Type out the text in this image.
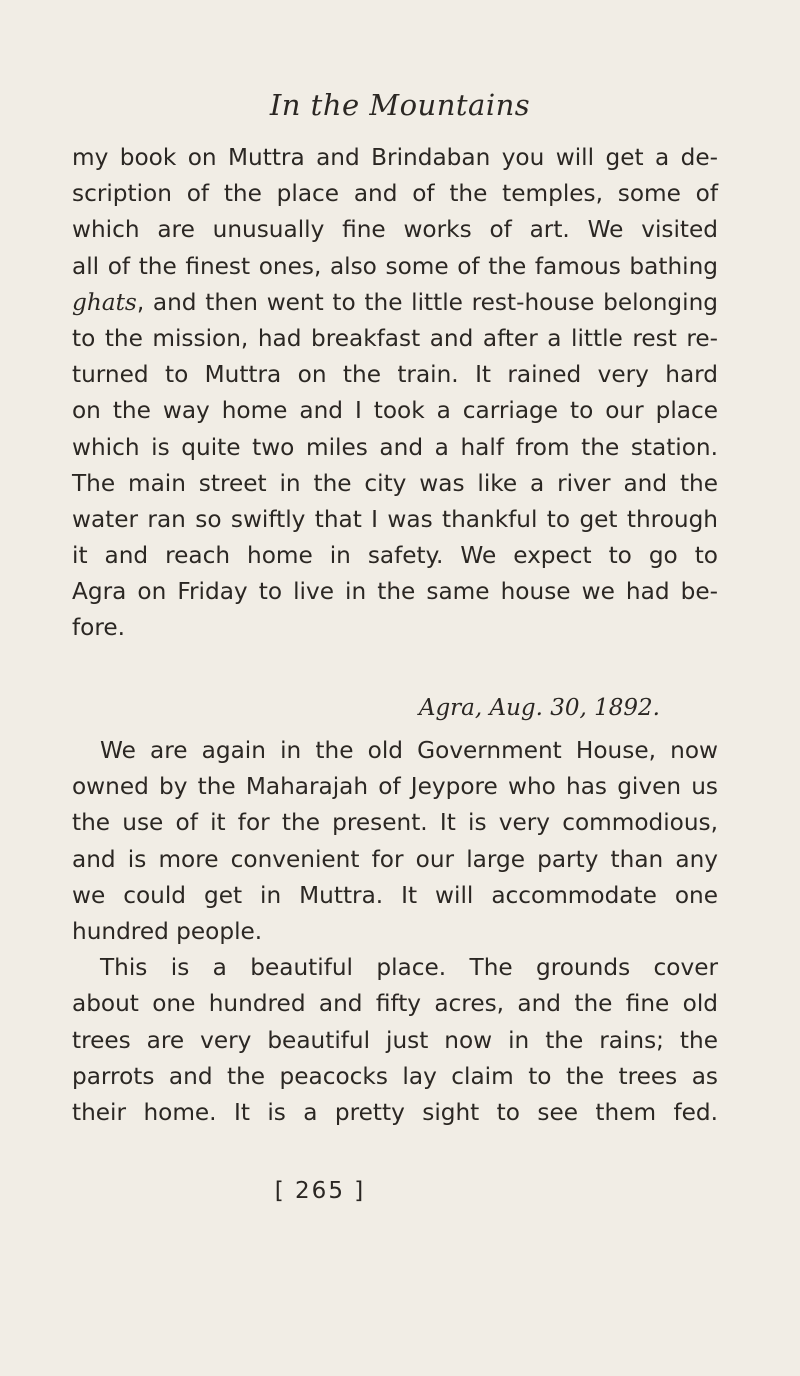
In the Mountains
my book on Muttra and Brindaban you will get a de-
scription of the place and of the temples, some of
which are unusually fine works of art. We visited
all of the finest ones, also some of the famous bathing
ghats, and then went to the little rest-house belonging
to the mission, had breakfast and after a little rest re-
turned to Muttra on the train. It rained very hard
on the way home and I took a carriage to our place
which is quite two miles and a half from the station.
The main street in the city was like a river and the
water ran so swiftly that I was thankful to get through
it and reach home in safety. We expect to go to
Agra on Friday to live in the same house we had be-
fore.
Agra, Aug. 30, 1892.
We are again in the old Government House, now
owned by the Maharajah of Jeypore who has given us
the use of it for the present. It is very commodious,
and is more convenient for our large party than any
we could get in Muttra. It will accommodate one
hundred people.
This is a beautiful place. The grounds cover
about one hundred and fifty acres, and the fine old
trees are very beautiful just now in the rains; the
parrots and the peacocks lay claim to the trees as
their home. It is a pretty sight to see them fed.
[ 265 ]
